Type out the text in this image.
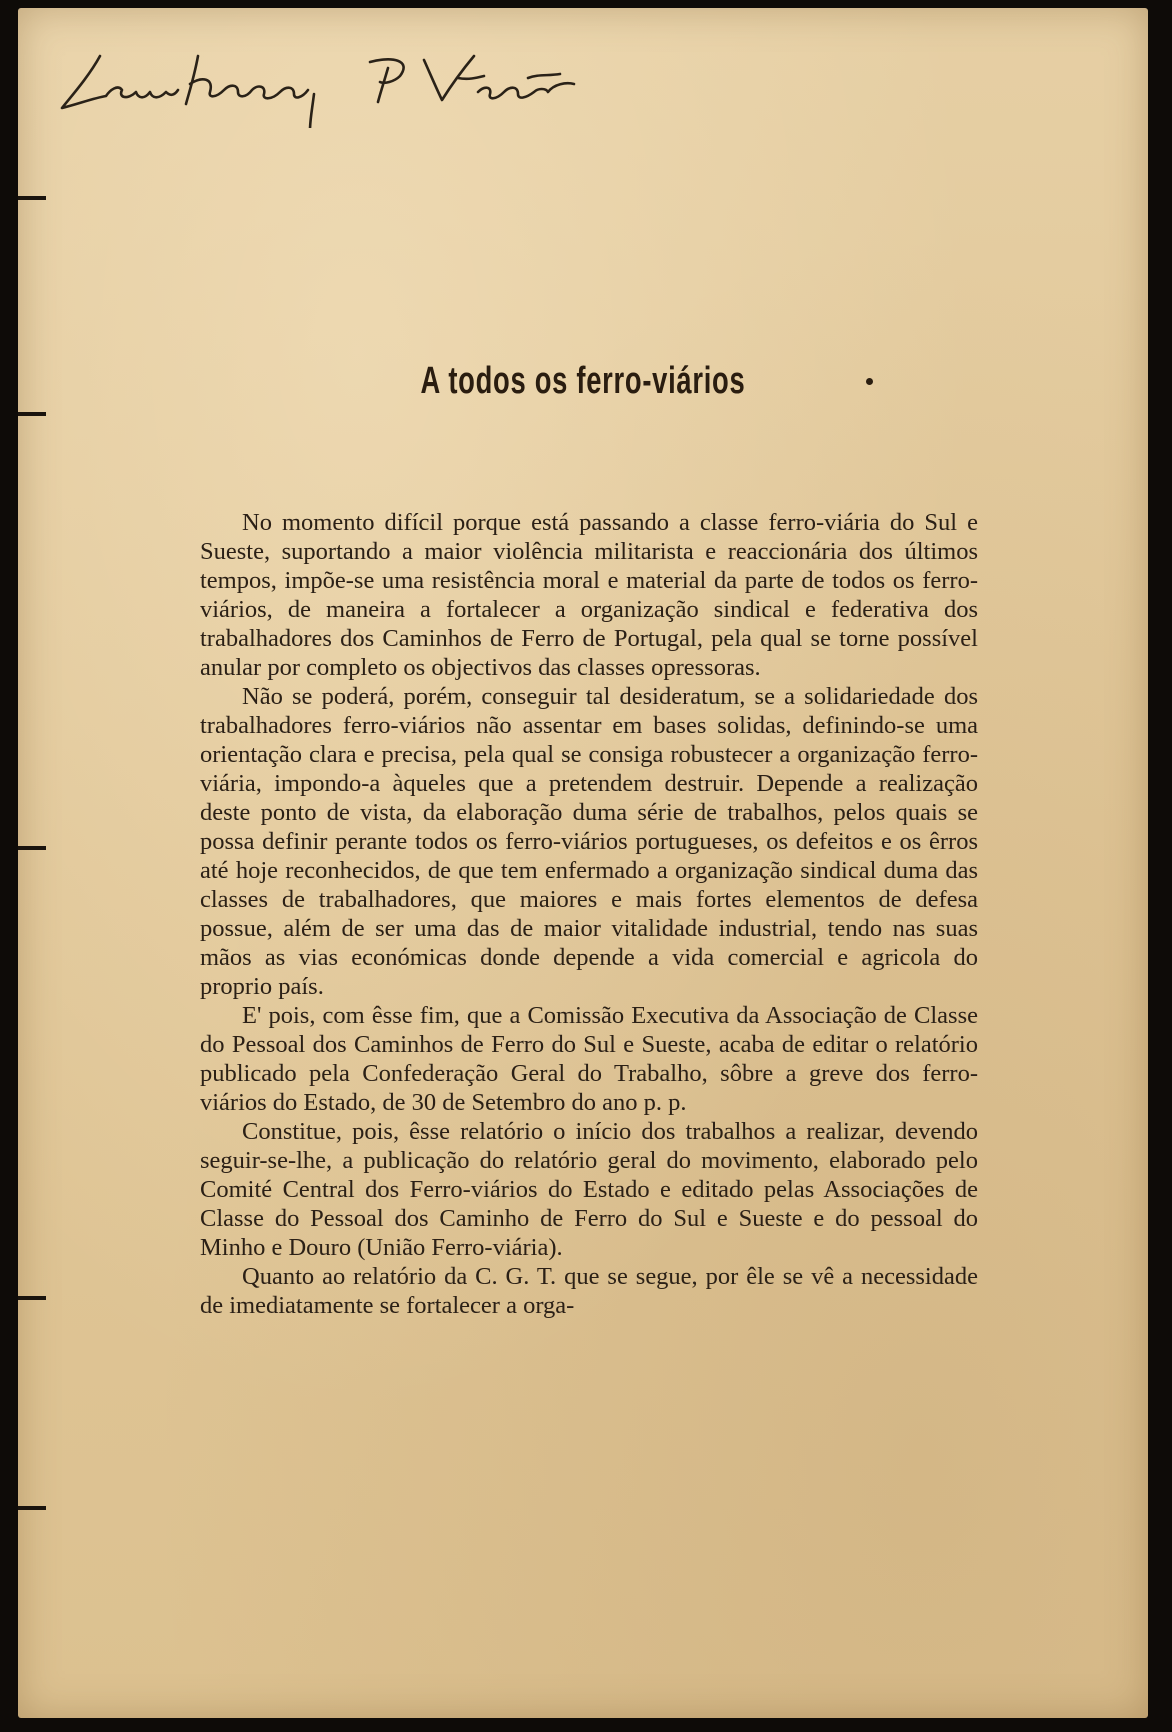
A todos os ferro-viários

No momento difícil porque está passando a classe ferro-viária do Sul e Sueste, suportando a maior violência militarista e reaccionária dos últimos tempos, impõe-se uma resistência moral e material da parte de todos os ferro-viários, de maneira a fortalecer a organização sindical e federativa dos trabalhadores dos Caminhos de Ferro de Portugal, pela qual se torne possível anular por completo os objectivos das classes opressoras.

Não se poderá, porém, conseguir tal desideratum, se a solidariedade dos trabalhadores ferro-viários não assentar em bases solidas, definindo-se uma orientação clara e precisa, pela qual se consiga robustecer a organização ferro-viária, impondo-a àqueles que a pretendem destruir. Depende a realização deste ponto de vista, da elaboração duma série de trabalhos, pelos quais se possa definir perante todos os ferro-viários portugueses, os defeitos e os êrros até hoje reconhecidos, de que tem enfermado a organização sindical duma das classes de trabalhadores, que maiores e mais fortes elementos de defesa possue, além de ser uma das de maior vitalidade industrial, tendo nas suas mãos as vias económicas donde depende a vida comercial e agricola do proprio país.

E' pois, com êsse fim, que a Comissão Executiva da Associação de Classe do Pessoal dos Caminhos de Ferro do Sul e Sueste, acaba de editar o relatório publicado pela Confederação Geral do Trabalho, sôbre a greve dos ferro-viários do Estado, de 30 de Setembro do ano p. p.

Constitue, pois, êsse relatório o início dos trabalhos a realizar, devendo seguir-se-lhe, a publicação do relatório geral do movimento, elaborado pelo Comité Central dos Ferro-viários do Estado e editado pelas Associações de Classe do Pessoal dos Caminho de Ferro do Sul e Sueste e do pessoal do Minho e Douro (União Ferro-viária).

Quanto ao relatório da C. G. T. que se segue, por êle se vê a necessidade de imediatamente se fortalecer a orga-
